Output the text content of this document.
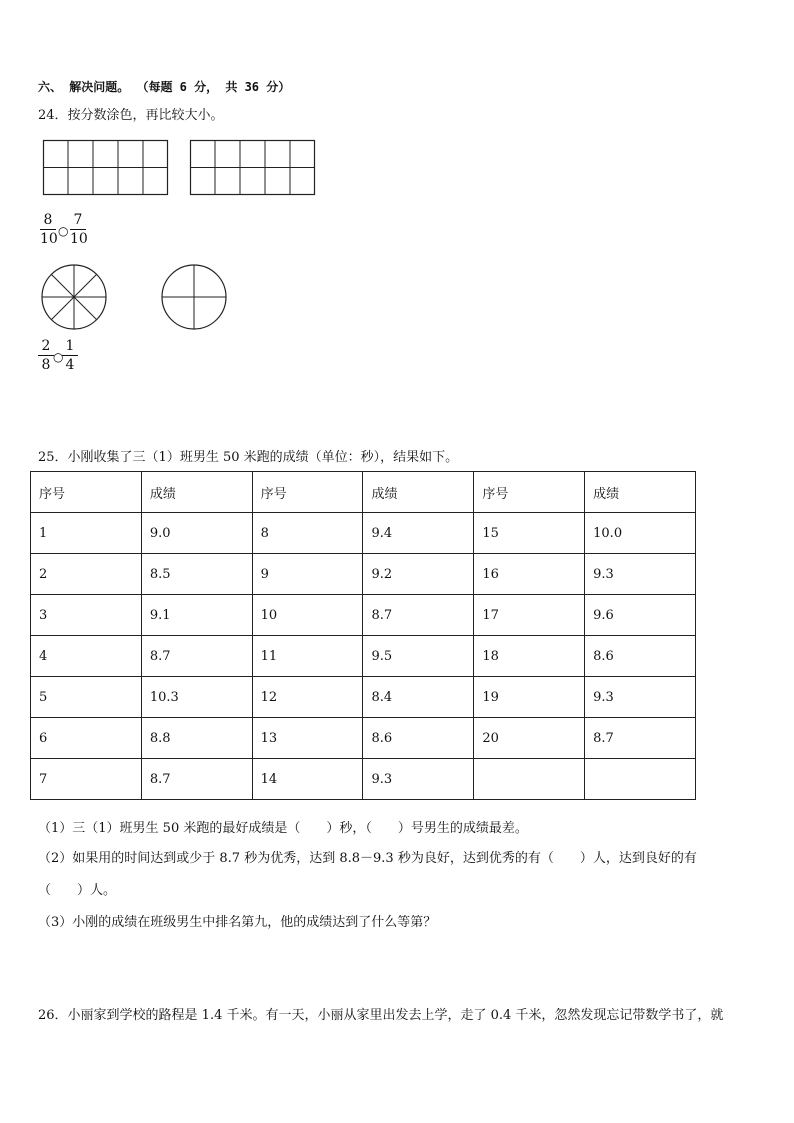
六、 解决问题。 （每题 6 分， 共 36 分）
24．按分数涂色，再比较大小。
8
10 ○
7
10
2
8 ○
1
4
25．小刚收集了三（1）班男生 50 米跑的成绩（单位：秒），结果如下。
序号	成绩	序号	成绩	序号	成绩
1	9.0	8	9.4	15	10.0
2	8.5	9	9.2	16	9.3
3	9.1	10	8.7	17	9.6
4	8.7	11	9.5	18	8.6
5	10.3	12	8.4	19	9.3
6	8.8	13	8.6	20	8.7
7	8.7	14	9.3		
（1）三（1）班男生 50 米跑的最好成绩是（　　）秒，（　　）号男生的成绩最差。
（2）如果用的时间达到或少于 8.7 秒为优秀，达到 8.8－9.3 秒为良好，达到优秀的有（　　）人，达到良好的有
（　　）人。
（3）小刚的成绩在班级男生中排名第九，他的成绩达到了什么等第？
26．小丽家到学校的路程是 1.4 千米。有一天，小丽从家里出发去上学，走了 0.4 千米，忽然发现忘记带数学书了，就
